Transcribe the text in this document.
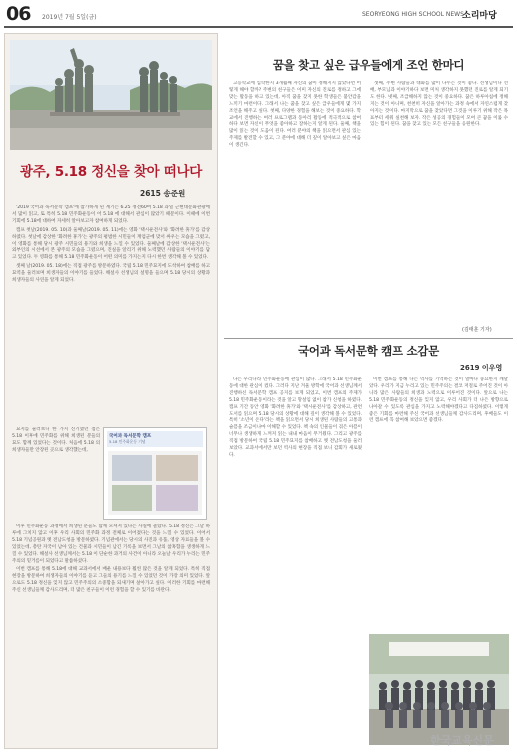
06 2019년 7월 5일(금)	SEORYEONG HIGH SCHOOL NEWS
소리마당
광주, 5.18 정신을 찾아 떠나다
2615 송준원

'2019 국어과 독서문학 캠프'에 참가하게 된 계기는 6.25 정전60여 5.18 과일 근현대문화관광에서 많이 읽고, 또 특히 5.18 민주화운동이 어 5.18 에 대해서 관심이 많았기 때문이다. 이때에 이번 기회에 5.18에 대하여 자세히 알아보고자 참여하게 되었다.

캠프 첫날(2019. 05. 10)과 둘째날(2019. 05. 11)에는 영화 '택시운전사'와 '화려한 휴가'를 감상하였다. 첫날에 감상한 '화려한 휴가'는 광주의 평범한 시민들이 계엄군에 맞서 싸우는 모습을 그렸고, 이 영화를 통해 당시 광주 시민들의 용기와 희생을 느낄 수 있었다. 둘째날에 감상한 '택시운전사'는 외부인의 시선에서 본 광주의 모습을 그렸으며, 진실을 알리기 위해 노력했던 사람들의 이야기를 담고 있었다. 두 영화를 통해 5.18 민주화운동이 어떤 의미를 가지는지 다시 한번 생각해 볼 수 있었다.

셋째 날(2019. 05. 18)에는 직접 광주를 방문하였다. 국립 5.18 민주묘지에 도착하여 참배를 하고 묘역을 둘러보며 희생자들의 이야기를 들었다. 해설사 선생님의 설명을 들으며 5.18 당시의 상황과 희생자들의 사연을 알게 되었다.

묘지를 둘러보니 한 가지 신기했던 점은 5.18 이후에 민주화를 위해 희생된 분들의 묘도 함께 있었다는 것이다. 처음에 5.18 의 희생자들만 안장된 곳으로 생각했는데,

국어과 독서문학 캠프
5.18 민주화운동 기념

이후 민주화운동 과정에서 희생된 분들도 함께 모셔져 있다는 사실에 놀랐다. 5.18 정신은 그날 하루에 그치지 않고 이후 우리 사회의 민주화 과정 전체로 이어졌다는 것을 느낄 수 있었다. 이어서 5.18 기념공원과 옛 전남도청을 방문하였다. 기념관에서는 당시의 사진과 유품, 영상 자료들을 볼 수 있었는데, 총탄 자국이 남아 있는 건물과 시민들이 남긴 기록을 보면서 그날의 참혹함을 생생하게 느낄 수 있었다. 해설사 선생님께서는 5.18 이 단순한 과거의 사건이 아니라 오늘날 우리가 누리는 민주주의의 밑거름이 되었다고 말씀하셨다.

이번 캠프를 통해 5.18에 대해 교과서에서 배운 내용보다 훨씬 많은 것을 알게 되었다. 특히 직접 현장을 방문하여 희생자들의 이야기를 듣고 그들의 용기를 느낄 수 있었던 것이 가장 의미 있었다. 앞으로도 5.18 정신을 잊지 않고 민주주의의 소중함을 되새기며 살아가고 싶다. 이러한 기회를 마련해 주신 선생님들께 감사드리며, 더 많은 친구들이 이런 경험을 할 수 있기를 바란다.

꿈을 찾고 싶은 급우들에게 조언 한마디

고등학교에 입학한지 3개월째 자신의 꿈이 정해지지 않았다면 어떻게 해야 할까? 주변의 친구들은 이미 자신의 진로를 정하고 그에 맞는 활동을 하고 있는데, 아직 꿈을 찾지 못한 학생들은 불안감을 느끼기 마련이다. 그래서 나는 꿈을 찾고 싶은 급우들에게 몇 가지 조언을 해주고 싶다. 첫째, 다양한 경험을 해보는 것이 중요하다. 학교에서 진행하는 여러 프로그램과 동아리 활동에 적극적으로 참여하다 보면 자신이 무엇을 좋아하고 잘하는지 알게 된다. 둘째, 책을 많이 읽는 것이 도움이 된다. 여러 분야의 책을 읽으면서 관심 있는 주제를 발견할 수 있고, 그 분야에 대해 더 깊이 알아보고 싶은 마음이 생긴다.

셋째, 주변 사람들과 대화를 많이 나누는 것이 좋다. 선생님이나 선배, 부모님과 이야기하다 보면 미처 생각하지 못했던 진로를 알게 되기도 한다. 넷째, 조급해하지 않는 것이 중요하다. 꿈은 하루아침에 정해지는 것이 아니며, 천천히 자신을 알아가는 과정 속에서 자연스럽게 찾아지는 것이다. 마지막으로 꿈을 찾았다면 그것을 이루기 위해 작은 목표부터 세워 실천해 보자. 작은 성공의 경험들이 모여 큰 꿈을 이룰 수 있는 힘이 된다. 꿈을 찾고 있는 모든 친구들을 응원한다.

(김태훈 기자)
국어과 독서문학 캠프 소감문
2619 이우영

나는 우리나라 민주화운동에 관심이 많다. 그래서 5.18 민주화운동에 대한 관심이 컸다. 그러다 지난 겨울 방학에 국어과 선생님께서 진행하신 독서문학 캠프 공지를 보게 되었고, 이번 캠프의 주제가 5.18 민주화운동이라는 것을 알고 망설임 없이 참가 신청을 하였다. 캠프 기간 동안 영화 '화려한 휴가'와 '택시운전사'를 감상하고, 관련 도서를 읽으며 5.18 당시의 상황에 대해 깊이 생각해 볼 수 있었다. 특히 '소년이 온다'라는 책을 읽으면서 당시 희생된 사람들의 고통과 슬픔을 조금이나마 이해할 수 있었다. 책 속의 인물들이 겪은 아픔이 너무나 생생하게 느껴져 읽는 내내 마음이 무거웠다. 그리고 광주를 직접 방문하여 국립 5.18 민주묘지를 참배하고 옛 전남도청을 둘러보았다. 교과서에서만 보던 역사의 현장을 직접 보니 감회가 새로웠다.

이번 캠프를 통해 나는 역사를 기억하는 것이 얼마나 중요한지 깨달았다. 우리가 지금 누리고 있는 민주주의는 결코 저절로 주어진 것이 아니라 많은 사람들의 희생과 노력으로 이루어진 것이다. 앞으로 나는 5.18 민주화운동의 정신을 잊지 않고, 우리 사회가 더 나은 방향으로 나아갈 수 있도록 관심을 가지고 노력해야겠다고 다짐하였다. 이렇게 좋은 기회를 마련해 주신 국어과 선생님들께 감사드리며, 후배들도 이런 캠프에 꼭 참여해 보았으면 좋겠다.

한국교육신문
